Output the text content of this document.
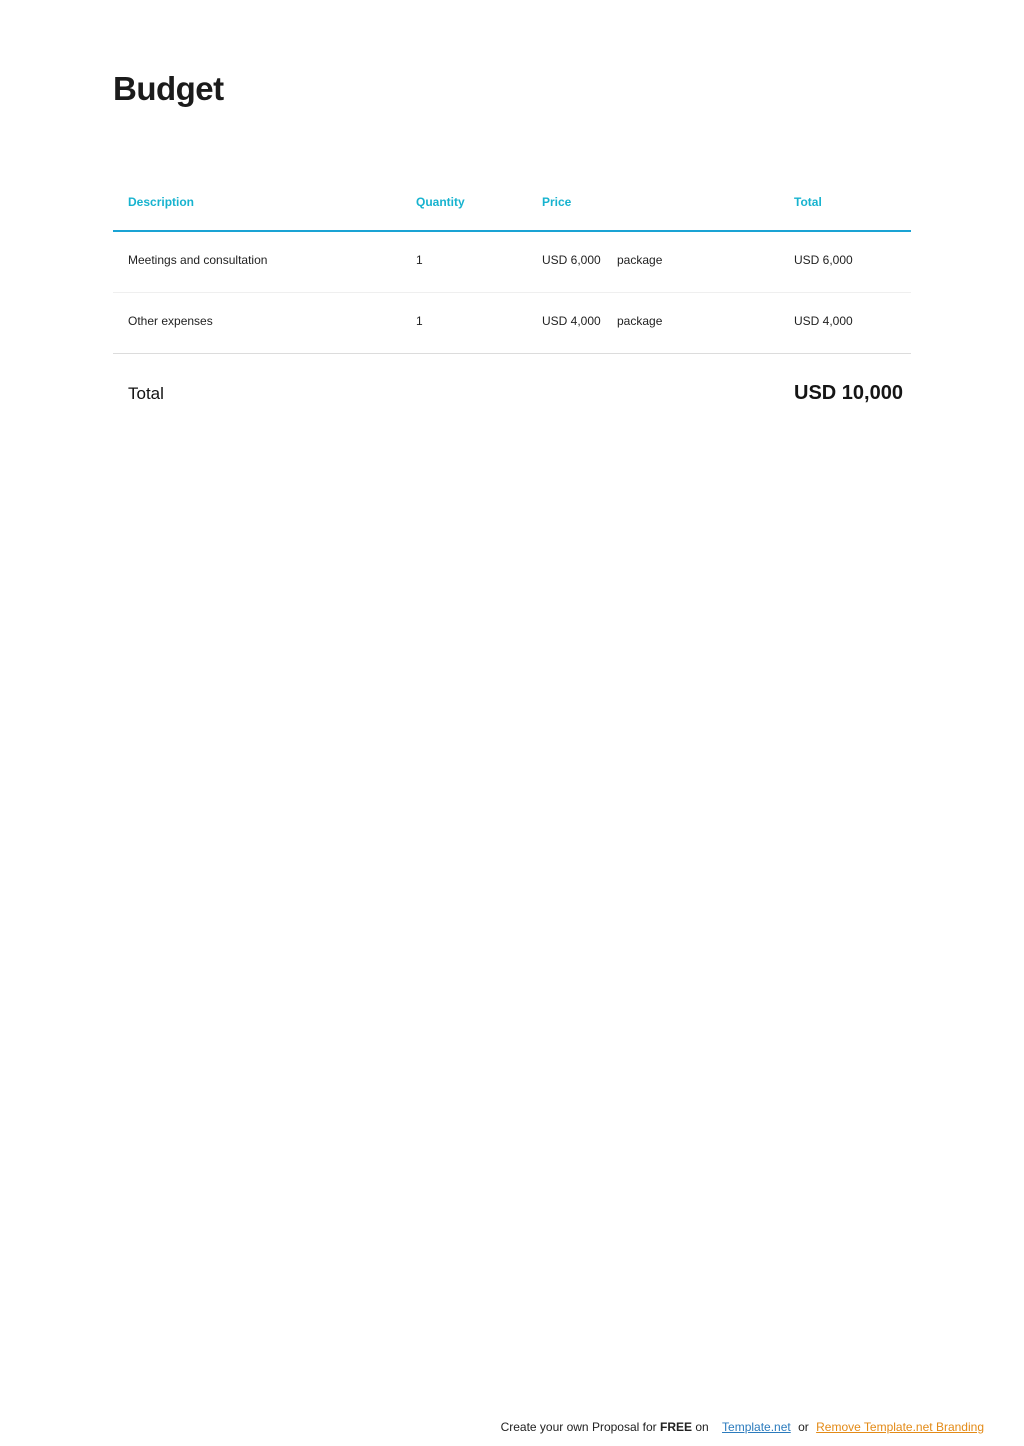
Budget
Description	Quantity	Price	Total
Meetings and consultation	1	USD 6,000 package	USD 6,000
Other expenses	1	USD 4,000 package	USD 4,000
Total	USD 10,000
Create your own Proposal for FREE on Template.net or Remove Template.net Branding
